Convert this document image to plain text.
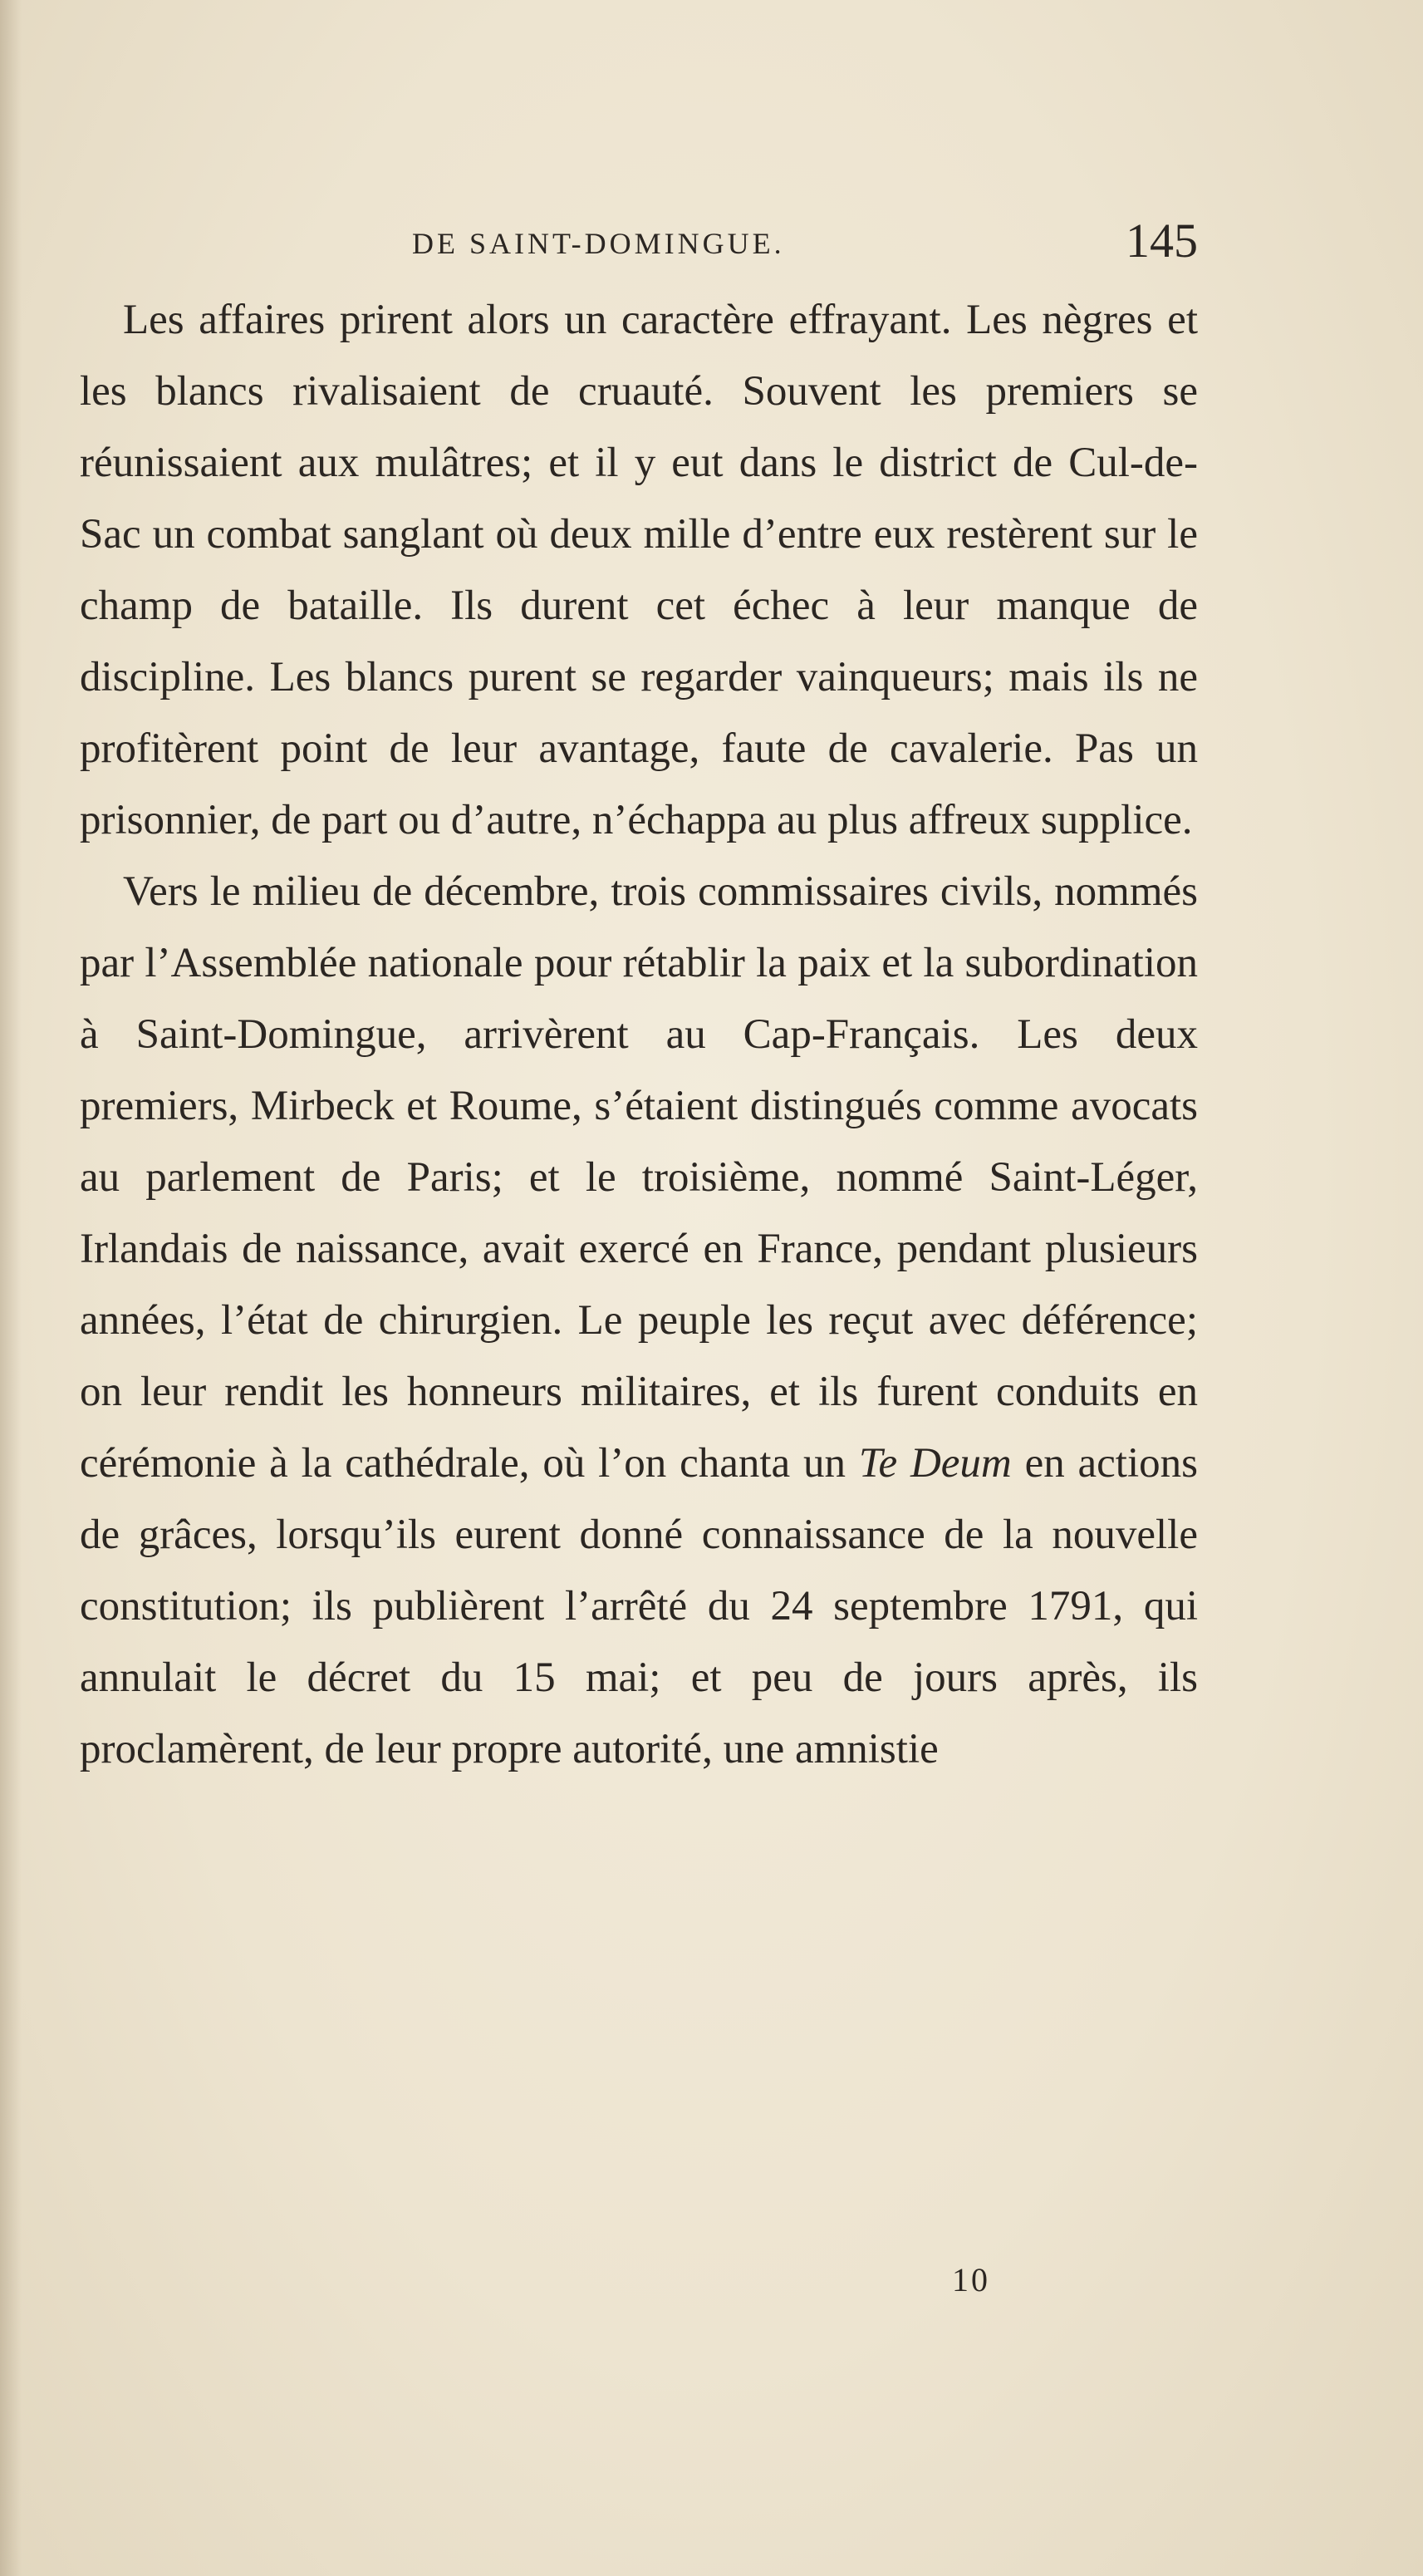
DE SAINT-DOMINGUE.	145

Les affaires prirent alors un caractère effrayant. Les nègres et les blancs rivalisaient de cruauté. Souvent les premiers se réunissaient aux mulâtres; et il y eut dans le district de Cul-de-Sac un combat sanglant où deux mille d’entre eux restèrent sur le champ de bataille. Ils durent cet échec à leur manque de discipline. Les blancs purent se regarder vainqueurs; mais ils ne profitèrent point de leur avantage, faute de cavalerie. Pas un prisonnier, de part ou d’autre, n’échappa au plus affreux supplice.

Vers le milieu de décembre, trois commissaires civils, nommés par l’Assemblée nationale pour rétablir la paix et la subordination à Saint-Domingue, arrivèrent au Cap-Français. Les deux premiers, Mirbeck et Roume, s’étaient distingués comme avocats au parlement de Paris; et le troisième, nommé Saint-Léger, Irlandais de naissance, avait exercé en France, pendant plusieurs années, l’état de chirurgien. Le peuple les reçut avec déférence; on leur rendit les honneurs militaires, et ils furent conduits en cérémonie à la cathédrale, où l’on chanta un Te Deum en actions de grâces, lorsqu’ils eurent donné connaissance de la nouvelle constitution; ils publièrent l’arrêté du 24 septembre 1791, qui annulait le décret du 15 mai; et peu de jours après, ils proclamèrent, de leur propre autorité, une amnistie

10
